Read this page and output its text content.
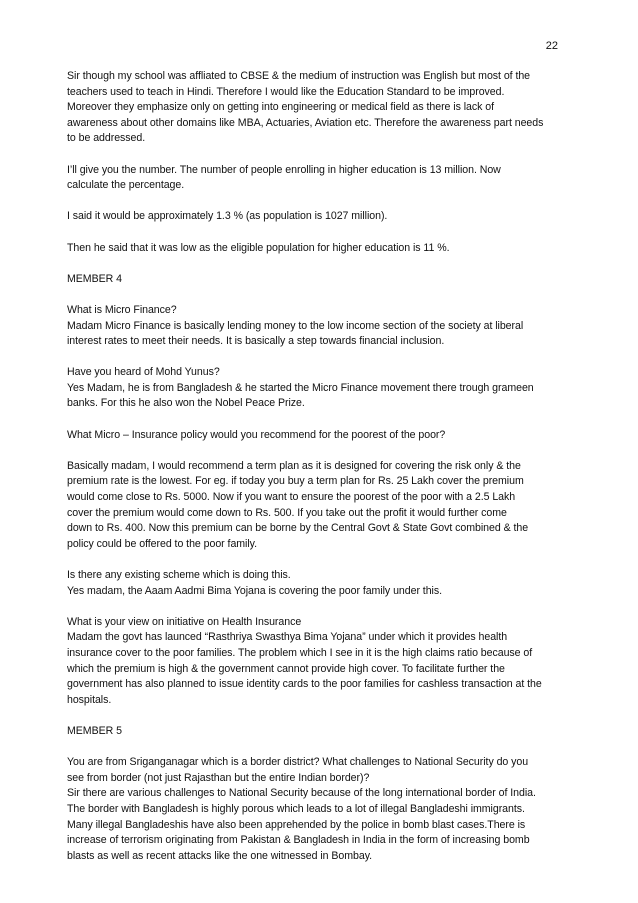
22
Sir though my school was affliated to CBSE & the medium of instruction was English but most of the
teachers used to teach in Hindi. Therefore I would like the Education Standard to be improved.
Moreover they emphasize only on getting into engineering or medical field as there is lack of
awareness about other domains like MBA, Actuaries, Aviation etc. Therefore the awareness part needs
to be addressed.
I’ll give you the number. The number of people enrolling in higher education is 13 million. Now
calculate the percentage.
I said it would be approximately 1.3 % (as population is 1027 million).
Then he said that it was low as the eligible population for higher education is 11 %.
MEMBER 4
What is Micro Finance?
Madam Micro Finance is basically lending money to the low income section of the society at liberal
interest rates to meet their needs. It is basically a step towards financial inclusion.
Have you heard of Mohd Yunus?
Yes Madam, he is from Bangladesh & he started the Micro Finance movement there trough grameen
banks. For this he also won the Nobel Peace Prize.
What Micro – Insurance policy would you recommend for the poorest of the poor?
Basically madam, I would recommend a term plan as it is designed for covering the risk only & the
premium rate is the lowest. For eg. if today you buy a term plan for Rs. 25 Lakh cover the premium
would come close to Rs. 5000. Now if you want to ensure the poorest of the poor with a 2.5 Lakh
cover the premium would come down to Rs. 500. If you take out the profit it would further come
down to Rs. 400. Now this premium can be borne by the Central Govt & State Govt combined & the
policy could be offered to the poor family.
Is there any existing scheme which is doing this.
Yes madam, the Aaam Aadmi Bima Yojana is covering the poor family under this.
What is your view on initiative on Health Insurance
Madam the govt has launced “Rasthriya Swasthya Bima Yojana” under which it provides health
insurance cover to the poor families. The problem which I see in it is the high claims ratio because of
which the premium is high & the government cannot provide high cover. To facilitate further the
government has also planned to issue identity cards to the poor families for cashless transaction at the
hospitals.
MEMBER 5
You are from Sriganganagar which is a border district? What challenges to National Security do you
see from border (not just Rajasthan but the entire Indian border)?
Sir there are various challenges to National Security because of the long international border of India.
The border with Bangladesh is highly porous which leads to a lot of illegal Bangladeshi immigrants.
Many illegal Bangladeshis have also been apprehended by the police in bomb blast cases.There is
increase of terrorism originating from Pakistan & Bangladesh in India in the form of increasing bomb
blasts as well as recent attacks like the one witnessed in Bombay.
